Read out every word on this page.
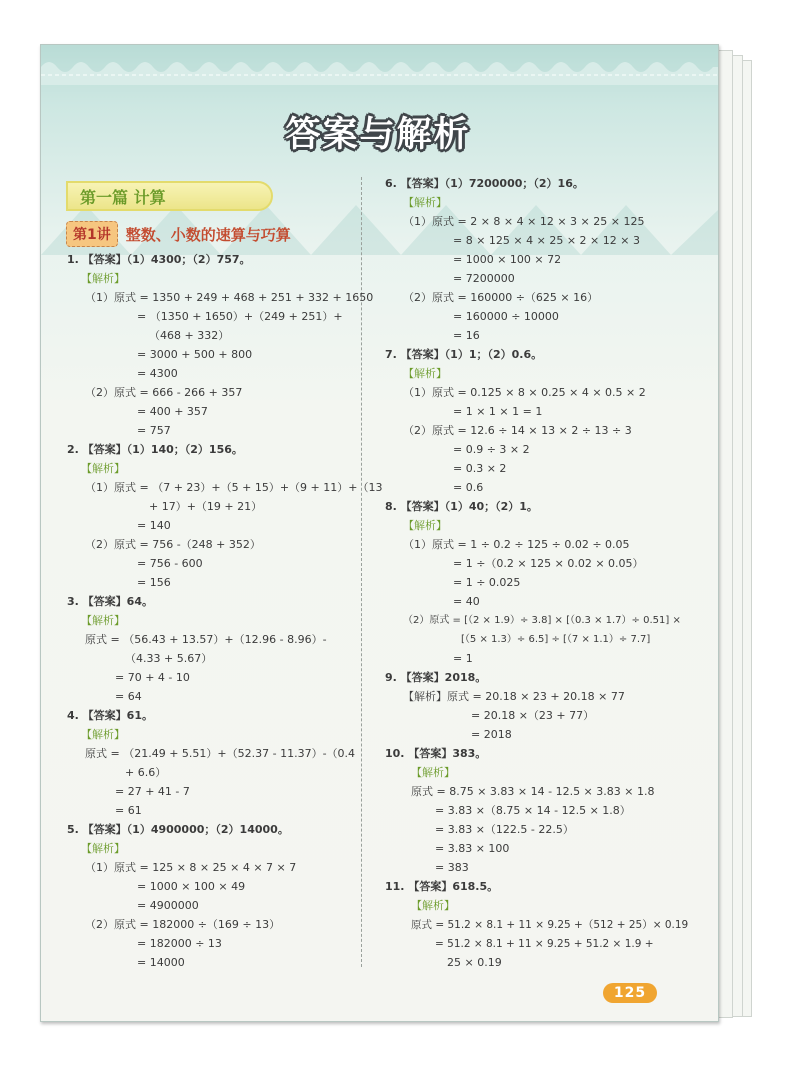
答案与解析
第一篇 计算
第1讲	整数、小数的速算与巧算
1. 【答案】（1）4300；（2）757。
【解析】
（1）原式 = 1350 + 249 + 468 + 251 + 332 + 1650
= （1350 + 1650）+（249 + 251）+
（468 + 332）
= 3000 + 500 + 800
= 4300
（2）原式 = 666 - 266 + 357
= 400 + 357
= 757
2. 【答案】（1）140；（2）156。
【解析】
（1）原式 = （7 + 23）+（5 + 15）+（9 + 11）+（13
+ 17）+（19 + 21）
= 140
（2）原式 = 756 -（248 + 352）
= 756 - 600
= 156
3. 【答案】64。
【解析】
原式 = （56.43 + 13.57）+（12.96 - 8.96）-
（4.33 + 5.67）
= 70 + 4 - 10
= 64
4. 【答案】61。
【解析】
原式 = （21.49 + 5.51）+（52.37 - 11.37）-（0.4
+ 6.6）
= 27 + 41 - 7
= 61
5. 【答案】（1）4900000；（2）14000。
【解析】
（1）原式 = 125 × 8 × 25 × 4 × 7 × 7
= 1000 × 100 × 49
= 4900000
（2）原式 = 182000 ÷（169 ÷ 13）
= 182000 ÷ 13
= 14000
6. 【答案】（1）7200000；（2）16。
【解析】
（1）原式 = 2 × 8 × 4 × 12 × 3 × 25 × 125
= 8 × 125 × 4 × 25 × 2 × 12 × 3
= 1000 × 100 × 72
= 7200000
（2）原式 = 160000 ÷（625 × 16）
= 160000 ÷ 10000
= 16
7. 【答案】（1）1；（2）0.6。
【解析】
（1）原式 = 0.125 × 8 × 0.25 × 4 × 0.5 × 2
= 1 × 1 × 1 = 1
（2）原式 = 12.6 ÷ 14 × 13 × 2 ÷ 13 ÷ 3
= 0.9 ÷ 3 × 2
= 0.3 × 2
= 0.6
8. 【答案】（1）40；（2）1。
【解析】
（1）原式 = 1 ÷ 0.2 ÷ 125 ÷ 0.02 ÷ 0.05
= 1 ÷（0.2 × 125 × 0.02 × 0.05）
= 1 ÷ 0.025
= 40
（2）原式 = [（2 × 1.9）÷ 3.8] × [（0.3 × 1.7）÷ 0.51] ×
[（5 × 1.3）÷ 6.5] ÷ [（7 × 1.1）÷ 7.7]
= 1
9. 【答案】2018。
【解析】原式 = 20.18 × 23 + 20.18 × 77
= 20.18 ×（23 + 77）
= 2018
10. 【答案】383。
【解析】
原式 = 8.75 × 3.83 × 14 - 12.5 × 3.83 × 1.8
= 3.83 ×（8.75 × 14 - 12.5 × 1.8）
= 3.83 ×（122.5 - 22.5）
= 3.83 × 100
= 383
11. 【答案】618.5。
【解析】
原式 = 51.2 × 8.1 + 11 × 9.25 +（512 + 25）× 0.19
= 51.2 × 8.1 + 11 × 9.25 + 51.2 × 1.9 +
25 × 0.19
125
